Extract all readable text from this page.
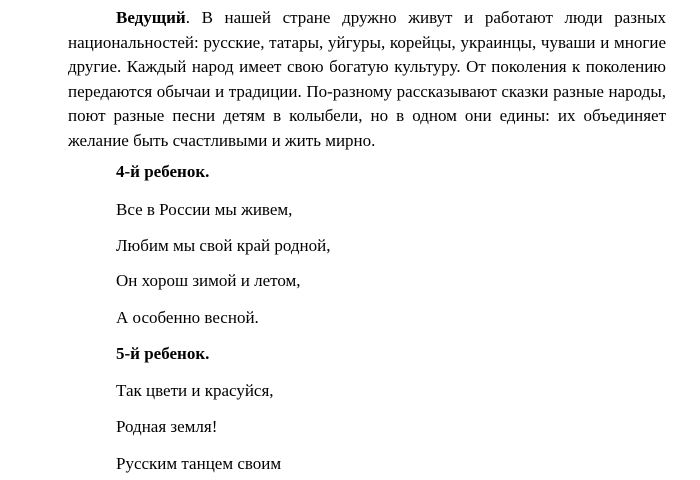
Ведущий. В нашей стране дружно живут и работают люди разных национальностей: русские, татары, уйгуры, корейцы, украинцы, чуваши и многие другие. Каждый народ имеет свою богатую культуру. От поколения к поколению передаются обычаи и традиции. По-разному рассказывают сказки разные народы, поют разные песни детям в колыбели, но в одном они едины: их объединяет желание быть счастливыми и жить мирно.

4-й ребенок.

Все в России мы живем,

Любим мы свой край родной,

Он хорош зимой и летом,

А особенно весной.

5-й ребенок.

Так цвети и красуйся,

Родная земля!

Русским танцем своим
